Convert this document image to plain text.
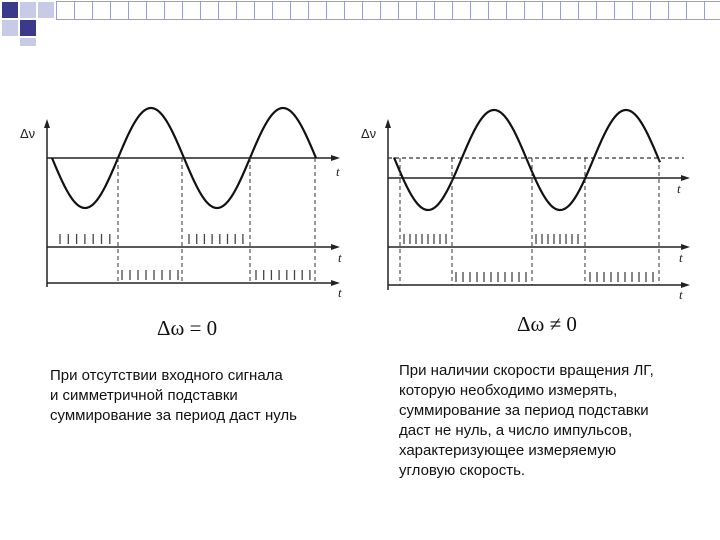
Δν
t
t
t
Δω = 0
Δν
t
t
t
Δω ≠ 0
При отсутствии входного сигнала
и симметричной подставки
суммирование за период даст нуль
При наличии скорости вращения ЛГ,
которую необходимо измерять,
суммирование за период подставки
даст не нуль, а число импульсов,
характеризующее измеряемую
угловую скорость.
